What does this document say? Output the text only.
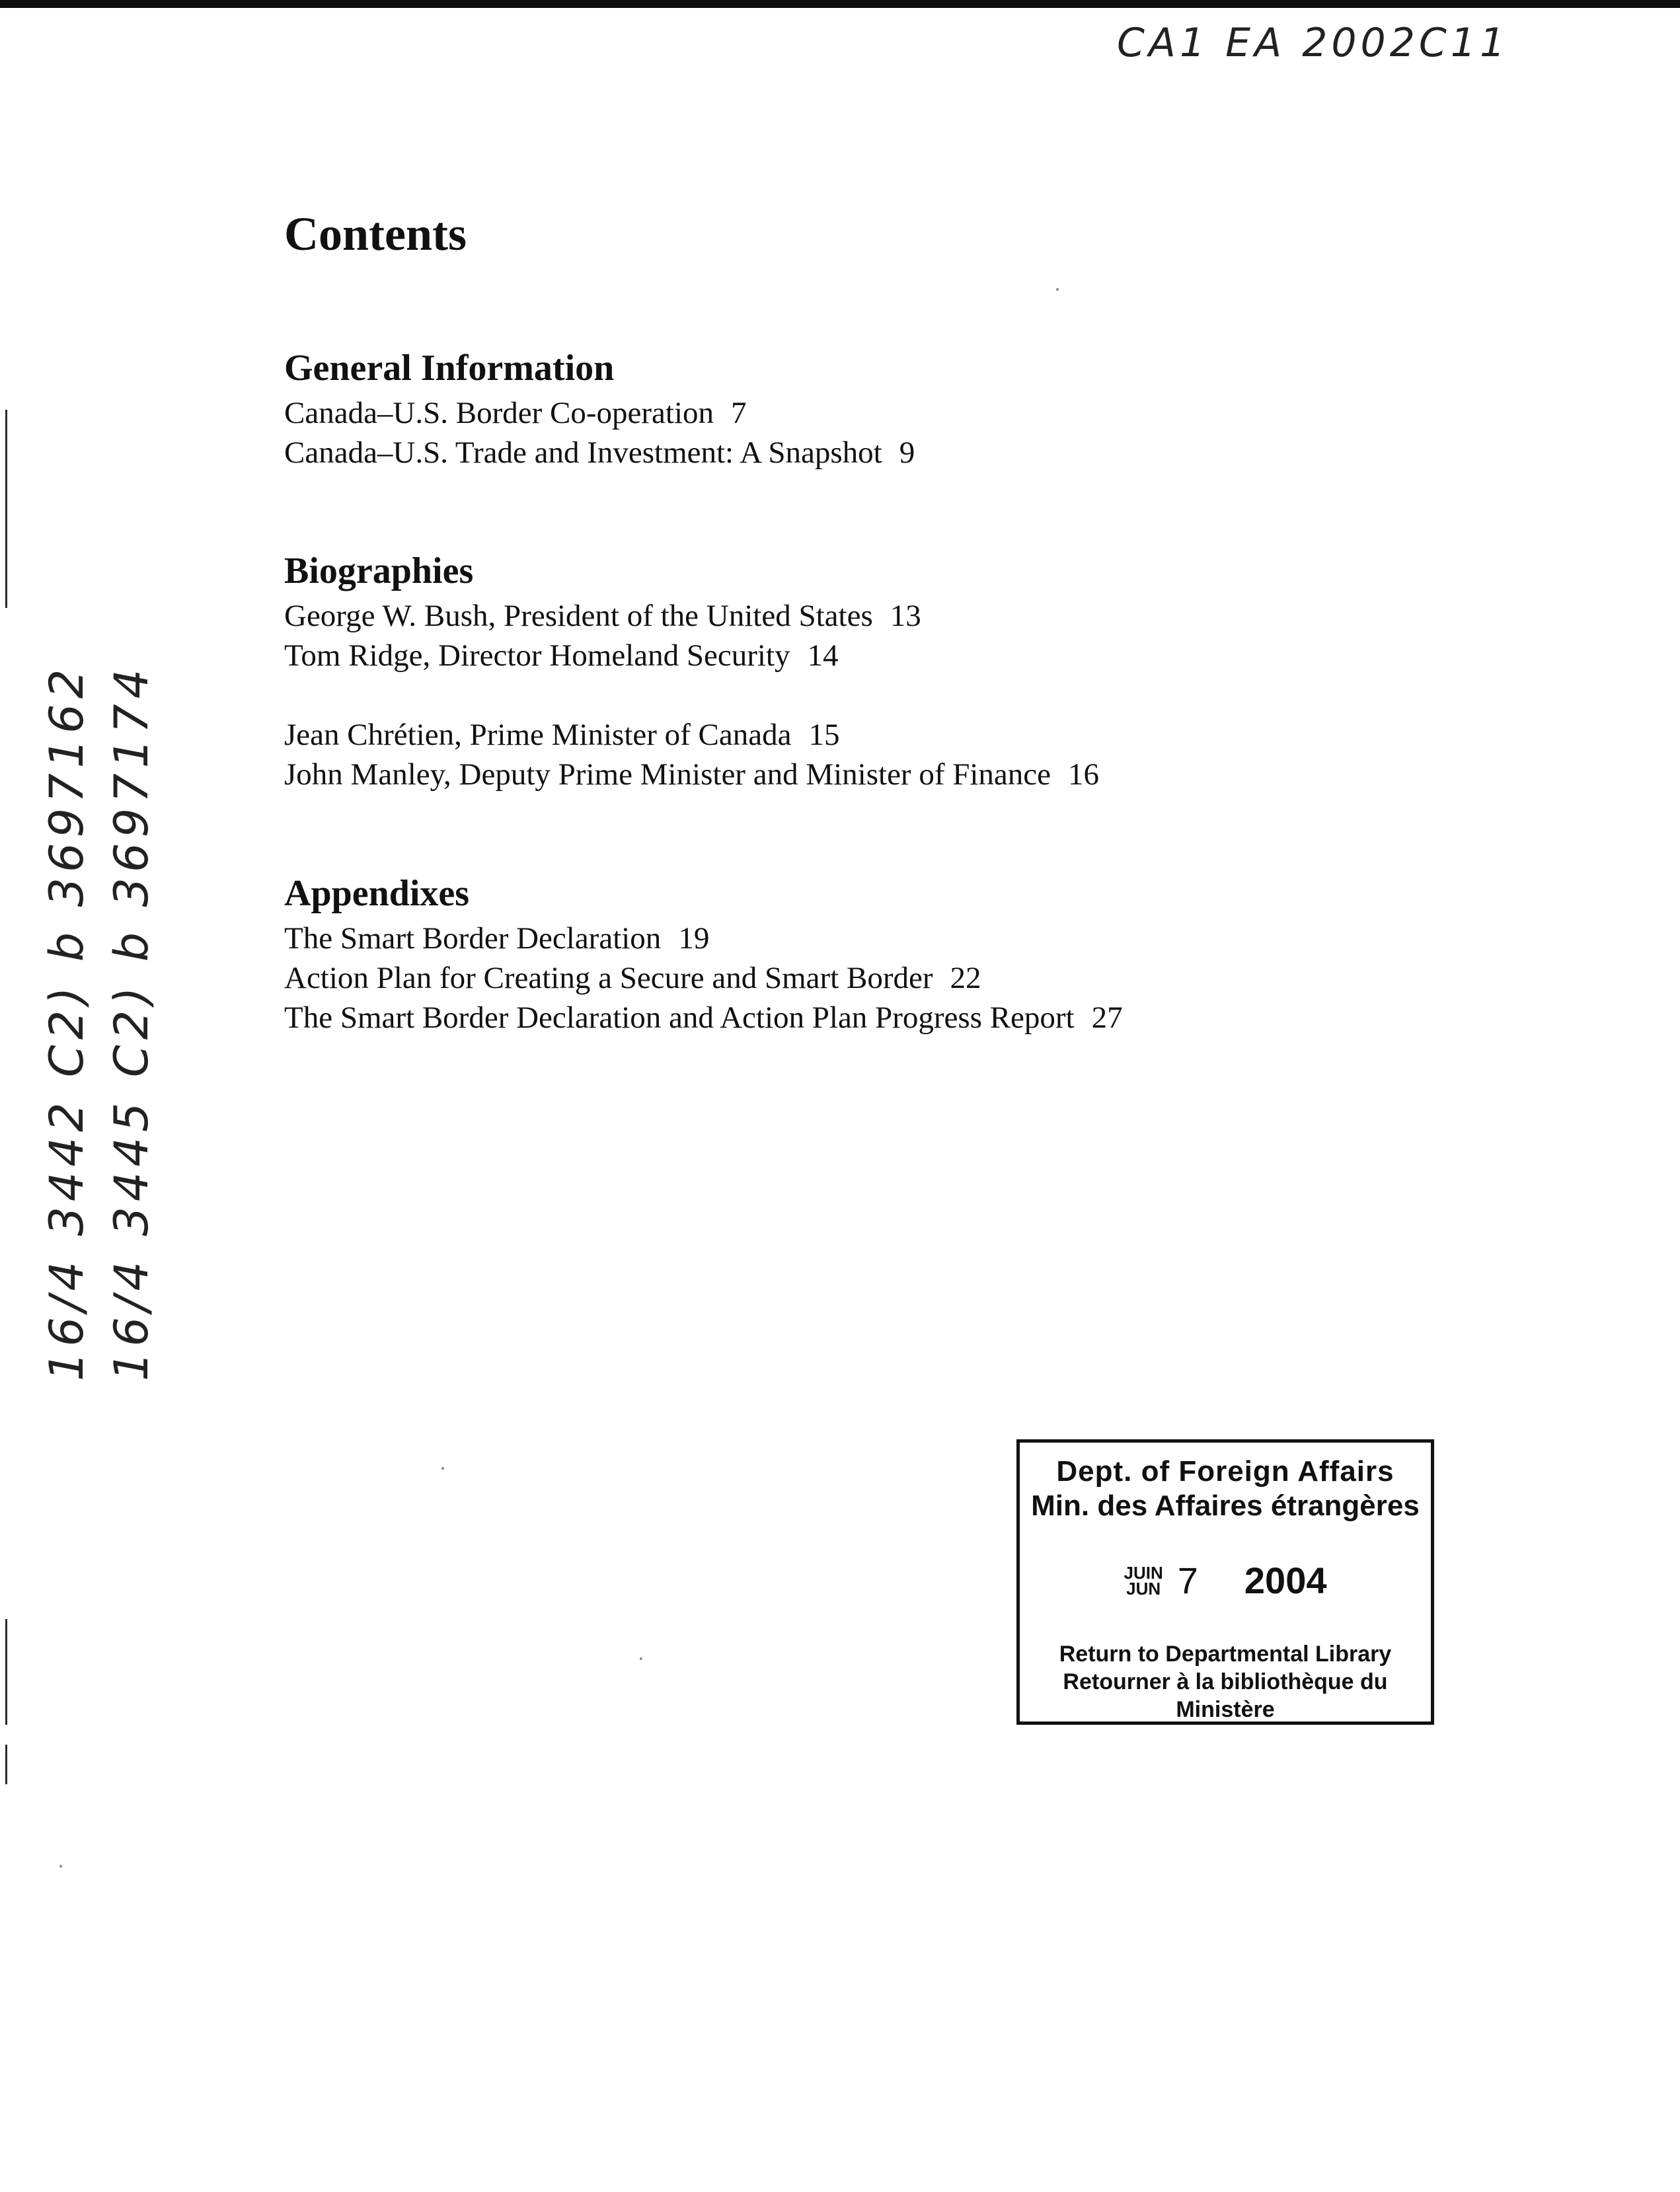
CA1 EA 2002C11
16/4 3442 C2) b 3697162 16/4 3445 C2) b 3697174
Contents
General Information
Canada–U.S. Border Co-operation 7
Canada–U.S. Trade and Investment: A Snapshot 9
Biographies
George W. Bush, President of the United States 13
Tom Ridge, Director Homeland Security 14
Jean Chrétien, Prime Minister of Canada 15
John Manley, Deputy Prime Minister and Minister of Finance 16
Appendixes
The Smart Border Declaration 19
Action Plan for Creating a Secure and Smart Border 22
The Smart Border Declaration and Action Plan Progress Report 27
Dept. of Foreign Affairs
Min. des Affaires étrangères
JUIN
JUN 7 2004
Return to Departmental Library
Retourner à la bibliothèque du Ministère
